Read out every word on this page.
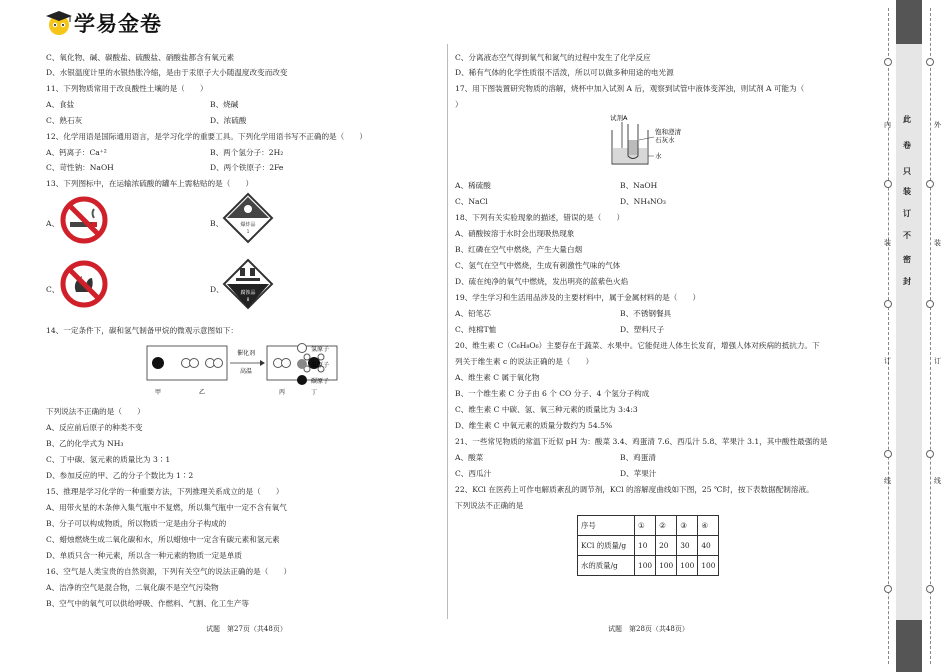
学易金卷
C、氧化物、碱、碳酸盐、硫酸盐、硝酸盐都含有氧元素
D、水银温度计里的水银热胀冷缩，是由于汞原子大小随温度改变而改变
11、下列物质常用于改良酸性土壤的是（　　）
A、食盐	B、烧碱
C、熟石灰	D、浓硫酸
12、化学用语是国际通用语言，是学习化学的重要工具。下列化学用语书写不正确的是（　　）
A、钙离子：Ca⁺²	B、两个氢分子：2H₂
C、苛性钠：NaOH	D、两个铁原子：2Fe
13、下列图标中，在运输浓硫酸的罐车上需粘贴的是（　　）
A、	B、	爆炸品
1
C、	D、	腐蚀品
8
14、一定条件下，碳和氢气制备甲烷的微观示意图如下：
催化剂
高温
甲	乙	丙	丁
氢原子
氧原子
碳原子
下列说法不正确的是（　　）
A、反应前后原子的种类不变
B、乙的化学式为 NH₃
C、丁中碳、氢元素的质量比为 3∶1
D、参加反应的甲、乙的分子个数比为 1∶2
15、推理是学习化学的一种重要方法，下列推理关系成立的是（　　）
A、用带火星的木条伸入集气瓶中不复燃，所以集气瓶中一定不含有氧气
B、分子可以构成物质，所以物质一定是由分子构成的
C、蜡烛燃烧生成二氧化碳和水，所以蜡烛中一定含有碳元素和氢元素
D、单质只含一种元素，所以含一种元素的物质一定是单质
16、空气是人类宝贵的自然资源，下列有关空气的说法正确的是（　　）
A、洁净的空气是混合物，二氧化碳不是空气污染物
B、空气中的氧气可以供给呼吸、作燃料、气割、化工生产等
C、分离液态空气得到氧气和氮气的过程中发生了化学反应
D、稀有气体的化学性质很不活泼，所以可以做多种用途的电光源
17、用下图装置研究物质的溶解，烧杯中加入试剂 A 后，观察到试管中液体变浑浊，则试剂 A 可能为（
）
试剂A
饱和澄清
石灰水
水
A、稀硫酸	B、NaOH
C、NaCl	D、NH₄NO₃
18、下列有关实验现象的描述，错误的是（　　）
A、硝酸铵溶于水时会出现吸热现象
B、红磷在空气中燃烧，产生大量白烟
C、氢气在空气中燃烧，生成有刺激性气味的气体
D、硫在纯净的氧气中燃烧，发出明亮的蓝紫色火焰
19、学生学习和生活用品涉及的主要材料中，属于金属材料的是（　　）
A、铅笔芯	B、不锈钢餐具
C、纯棉T恤	D、塑料尺子
20、维生素 C（C₆H₈O₆）主要存在于蔬菜、水果中。它能促进人体生长发育，增强人体对疾病的抵抗力。下
列关于维生素 c 的说法正确的是（　　）
A、维生素 C 属于氧化物
B、一个维生素 C 分子由 6 个 CO 分子、4 个氢分子构成
C、维生素 C 中碳、氢、氧三种元素的质量比为 3:4:3
D、维生素 C 中氧元素的质量分数约为 54.5%
21、一些常见物质的常温下近似 pH 为：酸菜 3.4、鸡蛋清 7.6、西瓜汁 5.8、苹果汁 3.1，其中酸性最强的是
A、酸菜	B、鸡蛋清
C、西瓜汁	D、苹果汁
22、KCl 在医药上可作电解质紊乱的调节剂，KCl 的溶解度曲线如下图，25 ℃时，按下表数据配制溶液。
下列说法不正确的是
序号	①	②	③	④
KCl 的质量/g	10	20	30	40
水的质量/g	100	100	100	100
试题　第27页（共48页）	试题　第28页（共48页）
此
卷
只
装
订
不
密
封
内
装
订
线
外
装
订
线
